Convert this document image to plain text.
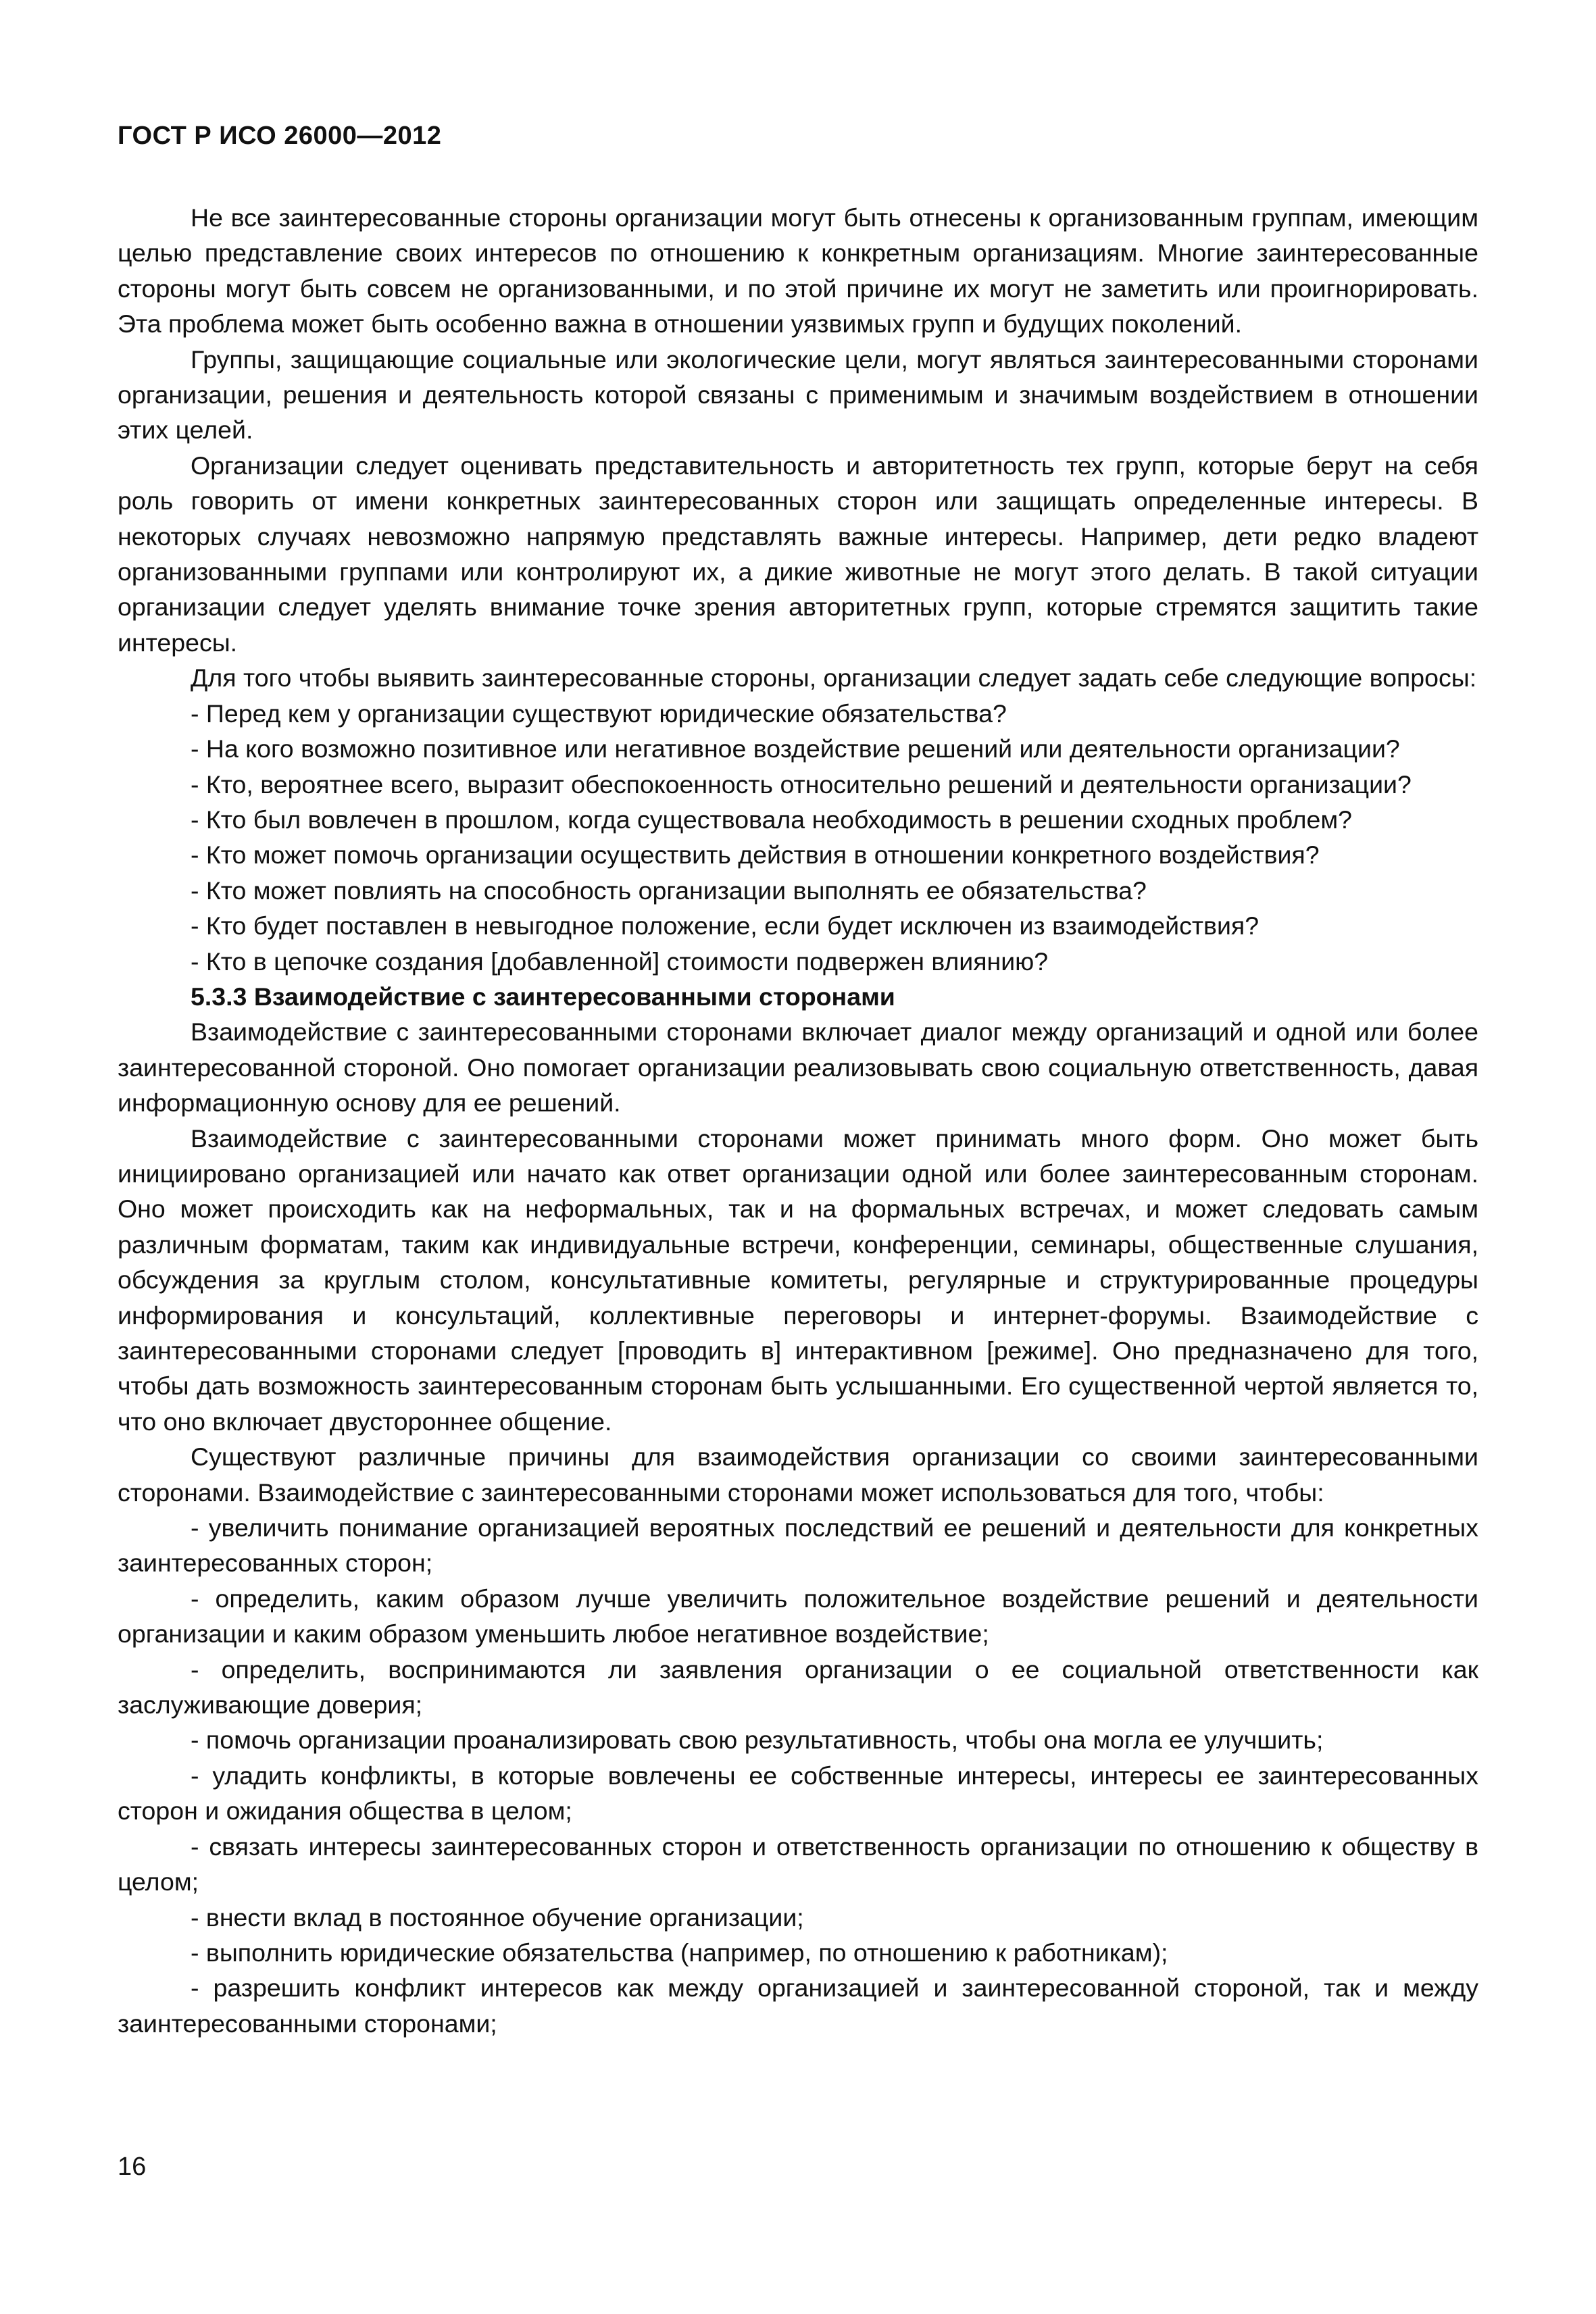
ГОСТ Р ИСО 26000—2012

Не все заинтересованные стороны организации могут быть отнесены к организованным группам, имеющим целью представление своих интересов по отношению к конкретным организациям. Многие заинтересованные стороны могут быть совсем не организованными, и по этой причине их могут не заметить или проигнорировать. Эта проблема может быть особенно важна в отношении уязвимых групп и будущих поколений.

Группы, защищающие социальные или экологические цели, могут являться заинтересованными сторонами организации, решения и деятельность которой связаны с применимым и значимым воздействием в отношении этих целей.

Организации следует оценивать представительность и авторитетность тех групп, которые берут на себя роль говорить от имени конкретных заинтересованных сторон или защищать определенные интересы. В некоторых случаях невозможно напрямую представлять важные интересы. Например, дети редко владеют организованными группами или контролируют их, а дикие животные не могут этого делать. В такой ситуации организации следует уделять внимание точке зрения авторитетных групп, которые стремятся защитить такие интересы.

Для того чтобы выявить заинтересованные стороны, организации следует задать себе следующие вопросы:

- Перед кем у организации существуют юридические обязательства?

- На кого возможно позитивное или негативное воздействие решений или деятельности организации?

- Кто, вероятнее всего, выразит обеспокоенность относительно решений и деятельности организации?

- Кто был вовлечен в прошлом, когда существовала необходимость в решении сходных проблем?

- Кто может помочь организации осуществить действия в отношении конкретного воздействия?

- Кто может повлиять на способность организации выполнять ее обязательства?

- Кто будет поставлен в невыгодное положение, если будет исключен из взаимодействия?

- Кто в цепочке создания [добавленной] стоимости подвержен влиянию?

5.3.3 Взаимодействие с заинтересованными сторонами

Взаимодействие с заинтересованными сторонами включает диалог между организаций и одной или более заинтересованной стороной. Оно помогает организации реализовывать свою социальную ответственность, давая информационную основу для ее решений.

Взаимодействие с заинтересованными сторонами может принимать много форм. Оно может быть инициировано организацией или начато как ответ организации одной или более заинтересованным сторонам. Оно может происходить как на неформальных, так и на формальных встречах, и может следовать самым различным форматам, таким как индивидуальные встречи, конференции, семинары, общественные слушания, обсуждения за круглым столом, консультативные комитеты, регулярные и структурированные процедуры информирования и консультаций, коллективные переговоры и интернет-форумы. Взаимодействие с заинтересованными сторонами следует [проводить в] интерактивном [режиме]. Оно предназначено для того, чтобы дать возможность заинтересованным сторонам быть услышанными. Его существенной чертой является то, что оно включает двустороннее общение.

Существуют различные причины для взаимодействия организации со своими заинтересованными сторонами. Взаимодействие с заинтересованными сторонами может использоваться для того, чтобы:

- увеличить понимание организацией вероятных последствий ее решений и деятельности для конкретных заинтересованных сторон;

- определить, каким образом лучше увеличить положительное воздействие решений и деятельности организации и каким образом уменьшить любое негативное воздействие;

- определить, воспринимаются ли заявления организации о ее социальной ответственности как заслуживающие доверия;

- помочь организации проанализировать свою результативность, чтобы она могла ее улучшить;

- уладить конфликты, в которые вовлечены ее собственные интересы, интересы ее заинтересованных сторон и ожидания общества в целом;

- связать интересы заинтересованных сторон и ответственность организации по отношению к обществу в целом;

- внести вклад в постоянное обучение организации;

- выполнить юридические обязательства (например, по отношению к работникам);

- разрешить конфликт интересов как между организацией и заинтересованной стороной, так и между заинтересованными сторонами;

16
